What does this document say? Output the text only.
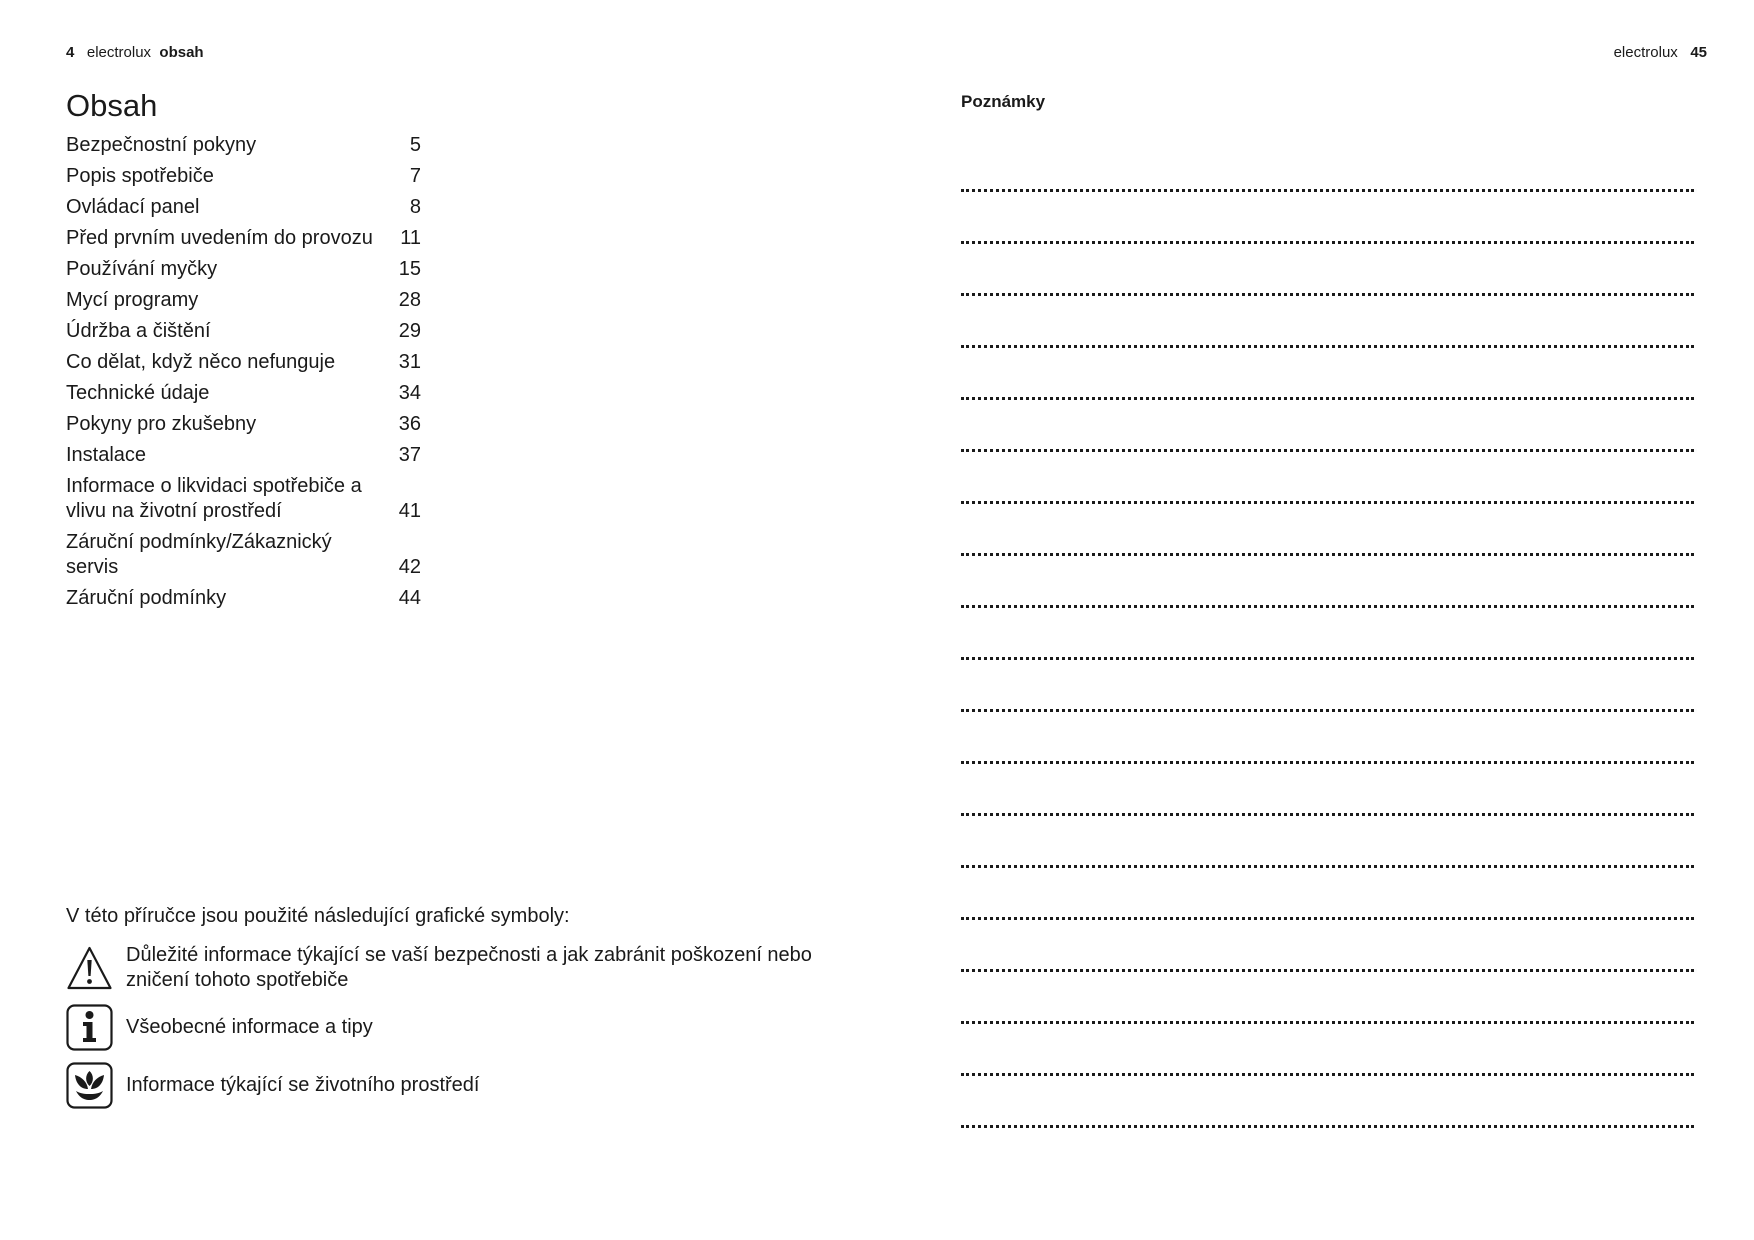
4 electrolux obsah
Obsah
Bezpečnostní pokyny	5
Popis spotřebiče	7
Ovládací panel	8
Před prvním uvedením do provozu	11
Používání myčky	15
Mycí programy	28
Údržba a čištění	29
Co dělat, když něco nefunguje	31
Technické údaje	34
Pokyny pro zkušebny	36
Instalace	37
Informace o likvidaci spotřebiče a vlivu na životní prostředí	41
Záruční podmínky/Zákaznický servis	42
Záruční podmínky	44

V této příručce jsou použité následující grafické symboly:

Důležité informace týkající se vaší bezpečnosti a jak zabránit poškození nebo zničení tohoto spotřebiče
Všeobecné informace a tipy
Informace týkající se životního prostředí
electrolux 45

Poznámky
